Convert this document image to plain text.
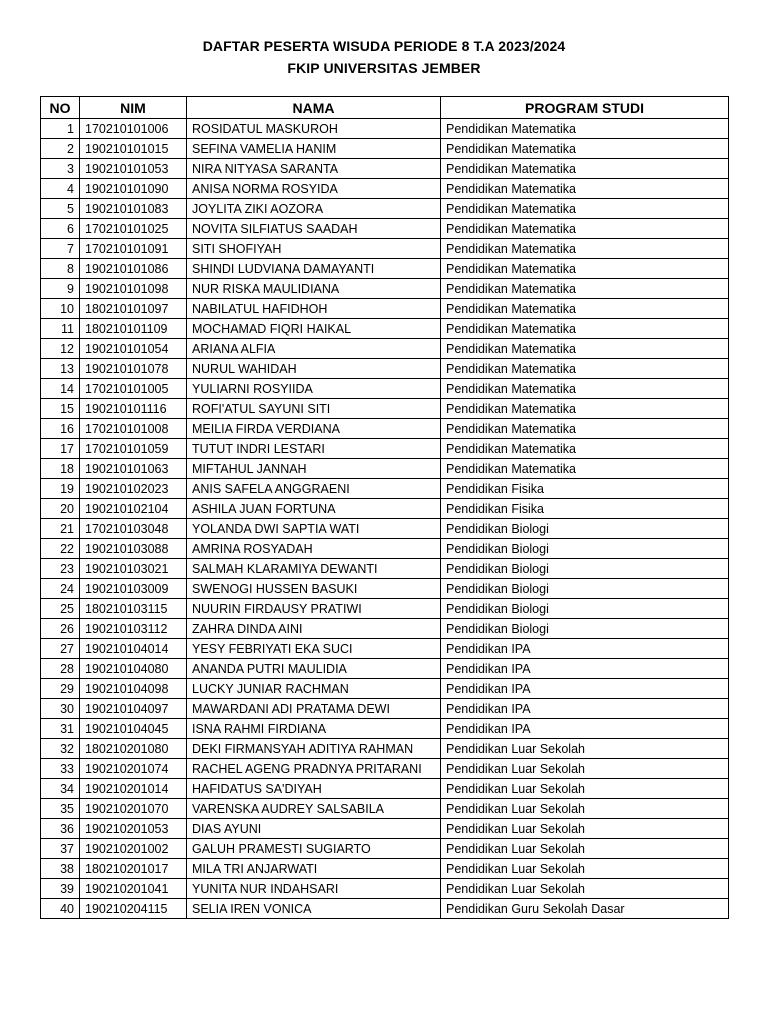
DAFTAR PESERTA WISUDA PERIODE 8 T.A 2023/2024
FKIP UNIVERSITAS JEMBER
NO	NIM	NAMA	PROGRAM STUDI
1	170210101006	ROSIDATUL MASKUROH	Pendidikan Matematika
2	190210101015	SEFINA VAMELIA HANIM	Pendidikan Matematika
3	190210101053	NIRA NITYASA SARANTA	Pendidikan Matematika
4	190210101090	ANISA NORMA ROSYIDA	Pendidikan Matematika
5	190210101083	JOYLITA ZIKI AOZORA	Pendidikan Matematika
6	170210101025	NOVITA SILFIATUS SAADAH	Pendidikan Matematika
7	170210101091	SITI SHOFIYAH	Pendidikan Matematika
8	190210101086	SHINDI LUDVIANA DAMAYANTI	Pendidikan Matematika
9	190210101098	NUR RISKA MAULIDIANA	Pendidikan Matematika
10	180210101097	NABILATUL HAFIDHOH	Pendidikan Matematika
11	180210101109	MOCHAMAD FIQRI HAIKAL	Pendidikan Matematika
12	190210101054	ARIANA ALFIA	Pendidikan Matematika
13	190210101078	NURUL WAHIDAH	Pendidikan Matematika
14	170210101005	YULIARNI ROSYIIDA	Pendidikan Matematika
15	190210101116	ROFI'ATUL SAYUNI SITI	Pendidikan Matematika
16	170210101008	MEILIA FIRDA VERDIANA	Pendidikan Matematika
17	170210101059	TUTUT INDRI LESTARI	Pendidikan Matematika
18	190210101063	MIFTAHUL JANNAH	Pendidikan Matematika
19	190210102023	ANIS SAFELA ANGGRAENI	Pendidikan Fisika
20	190210102104	ASHILA JUAN FORTUNA	Pendidikan Fisika
21	170210103048	YOLANDA DWI SAPTIA WATI	Pendidikan Biologi
22	190210103088	AMRINA ROSYADAH	Pendidikan Biologi
23	190210103021	SALMAH KLARAMIYA DEWANTI	Pendidikan Biologi
24	190210103009	SWENOGI HUSSEN BASUKI	Pendidikan Biologi
25	180210103115	NUURIN FIRDAUSY PRATIWI	Pendidikan Biologi
26	190210103112	ZAHRA DINDA AINI	Pendidikan Biologi
27	190210104014	YESY FEBRIYATI EKA SUCI	Pendidikan IPA
28	190210104080	ANANDA PUTRI MAULIDIA	Pendidikan IPA
29	190210104098	LUCKY JUNIAR RACHMAN	Pendidikan IPA
30	190210104097	MAWARDANI ADI PRATAMA DEWI	Pendidikan IPA
31	190210104045	ISNA RAHMI FIRDIANA	Pendidikan IPA
32	180210201080	DEKI FIRMANSYAH ADITIYA RAHMAN	Pendidikan Luar Sekolah
33	190210201074	RACHEL AGENG PRADNYA PRITARANI	Pendidikan Luar Sekolah
34	190210201014	HAFIDATUS SA'DIYAH	Pendidikan Luar Sekolah
35	190210201070	VARENSKA AUDREY SALSABILA	Pendidikan Luar Sekolah
36	190210201053	DIAS AYUNI	Pendidikan Luar Sekolah
37	190210201002	GALUH PRAMESTI SUGIARTO	Pendidikan Luar Sekolah
38	180210201017	MILA TRI ANJARWATI	Pendidikan Luar Sekolah
39	190210201041	YUNITA NUR INDAHSARI	Pendidikan Luar Sekolah
40	190210204115	SELIA IREN VONICA	Pendidikan Guru Sekolah Dasar
